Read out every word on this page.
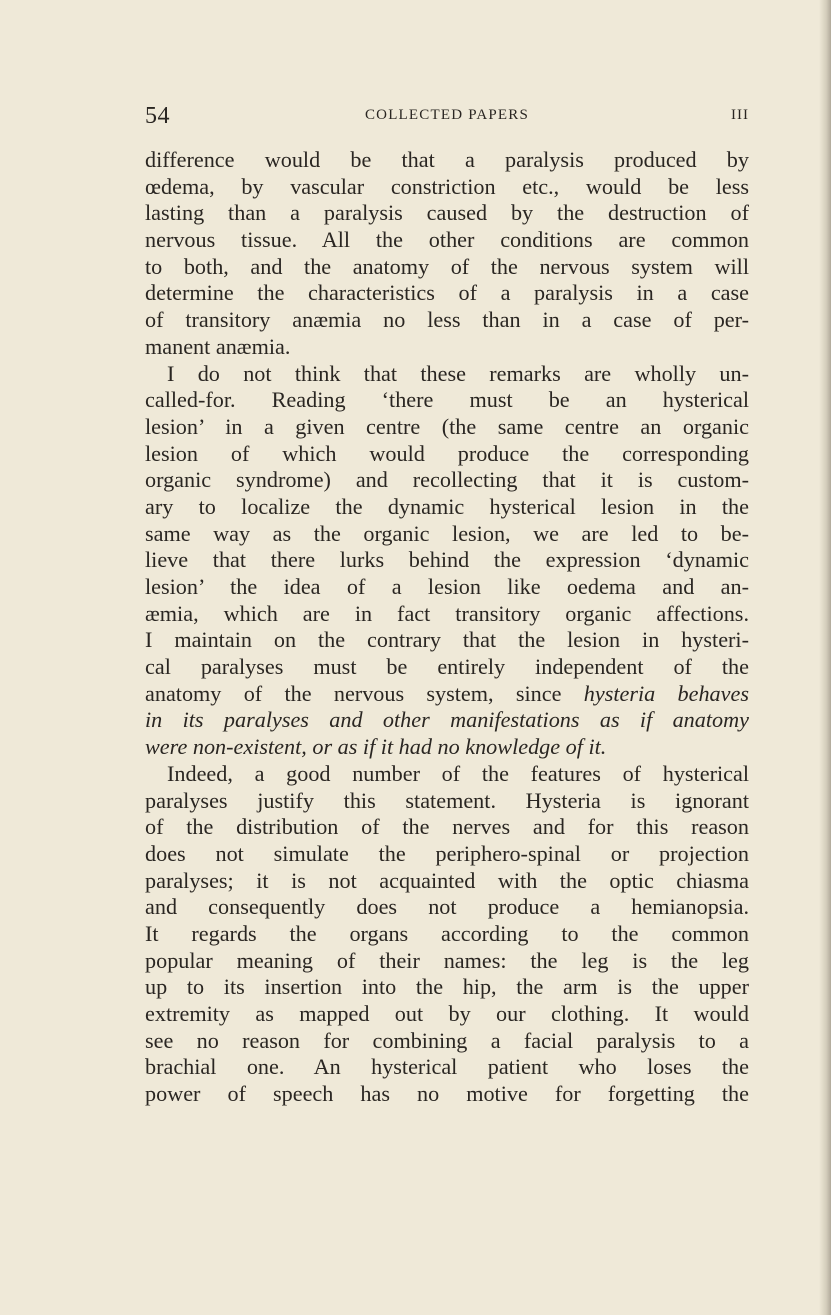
54	COLLECTED PAPERS	III
difference would be that a paralysis produced by
œdema, by vascular constriction etc., would be less
lasting than a paralysis caused by the destruction of
nervous tissue. All the other conditions are common
to both, and the anatomy of the nervous system will
determine the characteristics of a paralysis in a case
of transitory anæmia no less than in a case of per-
manent anæmia.
I do not think that these remarks are wholly un-
called-for. Reading ‘there must be an hysterical
lesion’ in a given centre (the same centre an organic
lesion of which would produce the corresponding
organic syndrome) and recollecting that it is custom-
ary to localize the dynamic hysterical lesion in the
same way as the organic lesion, we are led to be-
lieve that there lurks behind the expression ‘dynamic
lesion’ the idea of a lesion like oedema and an-
æmia, which are in fact transitory organic affections.
I maintain on the contrary that the lesion in hysteri-
cal paralyses must be entirely independent of the
anatomy of the nervous system, since hysteria behaves
in its paralyses and other manifestations as if anatomy
were non-existent, or as if it had no knowledge of it.
Indeed, a good number of the features of hysterical
paralyses justify this statement. Hysteria is ignorant
of the distribution of the nerves and for this reason
does not simulate the periphero-spinal or projection
paralyses; it is not acquainted with the optic chiasma
and consequently does not produce a hemianopsia.
It regards the organs according to the common
popular meaning of their names: the leg is the leg
up to its insertion into the hip, the arm is the upper
extremity as mapped out by our clothing. It would
see no reason for combining a facial paralysis to a
brachial one. An hysterical patient who loses the
power of speech has no motive for forgetting the
